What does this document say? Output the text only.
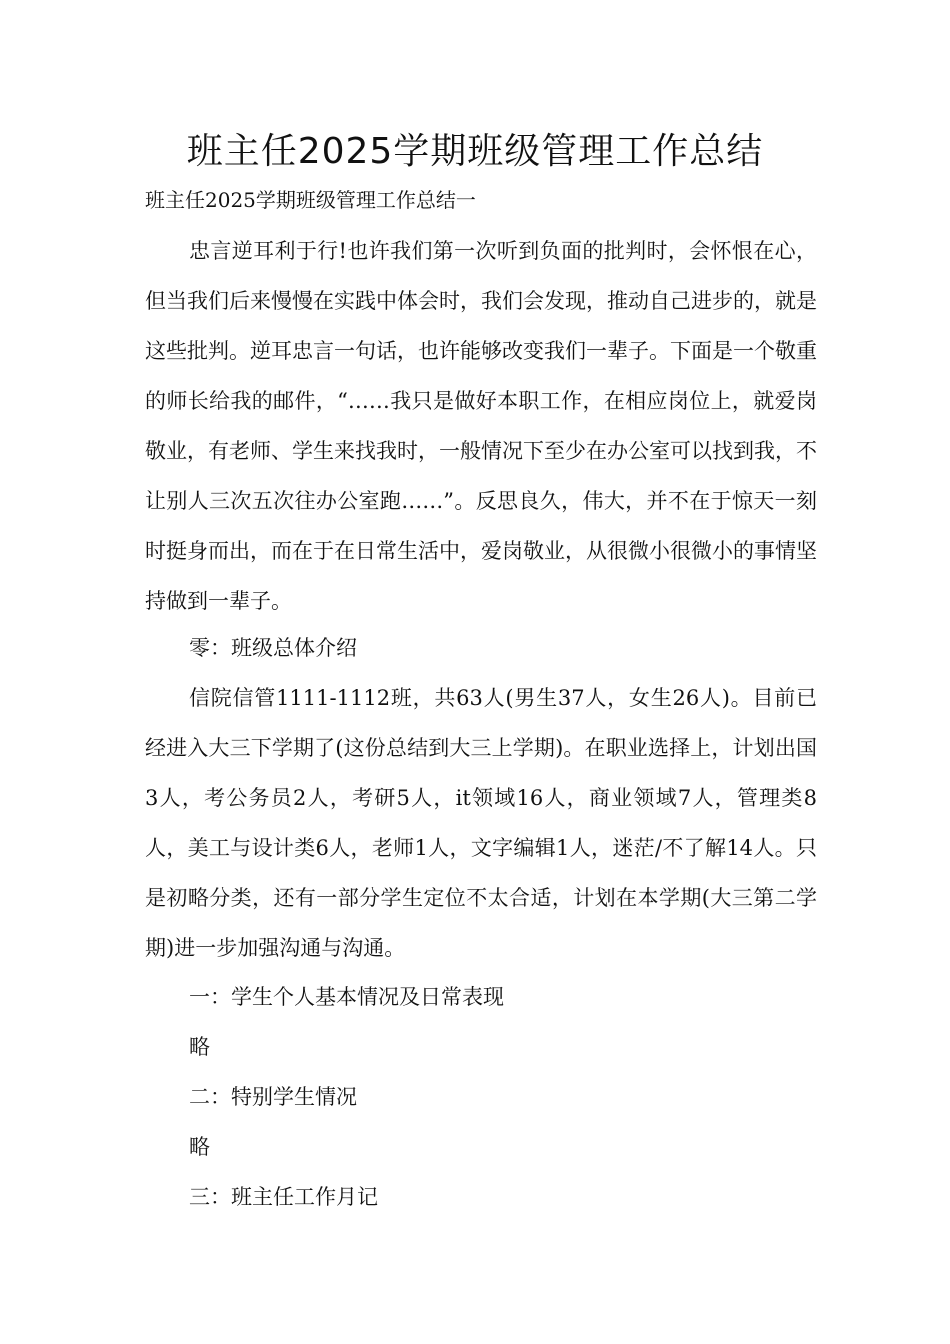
班主任2025学期班级管理工作总结

班主任2025学期班级管理工作总结一

忠言逆耳利于行!也许我们第一次听到负面的批判时，会怀恨在心，但当我们后来慢慢在实践中体会时，我们会发现，推动自己进步的，就是这些批判。逆耳忠言一句话，也许能够改变我们一辈子。下面是一个敬重的师长给我的邮件，“……我只是做好本职工作，在相应岗位上，就爱岗敬业，有老师、学生来找我时，一般情况下至少在办公室可以找到我，不让别人三次五次往办公室跑……”。反思良久，伟大，并不在于惊天一刻时挺身而出，而在于在日常生活中，爱岗敬业，从很微小很微小的事情坚持做到一辈子。

零：班级总体介绍

信院信管1111-1112班，共63人(男生37人，女生26人)。目前已经进入大三下学期了(这份总结到大三上学期)。在职业选择上，计划出国3人，考公务员2人，考研5人，it领域16人，商业领域7人，管理类8人，美工与设计类6人，老师1人，文字编辑1人，迷茫/不了解14人。只是初略分类，还有一部分学生定位不太合适，计划在本学期(大三第二学期)进一步加强沟通与沟通。

一：学生个人基本情况及日常表现

略

二：特别学生情况

略

三：班主任工作月记
